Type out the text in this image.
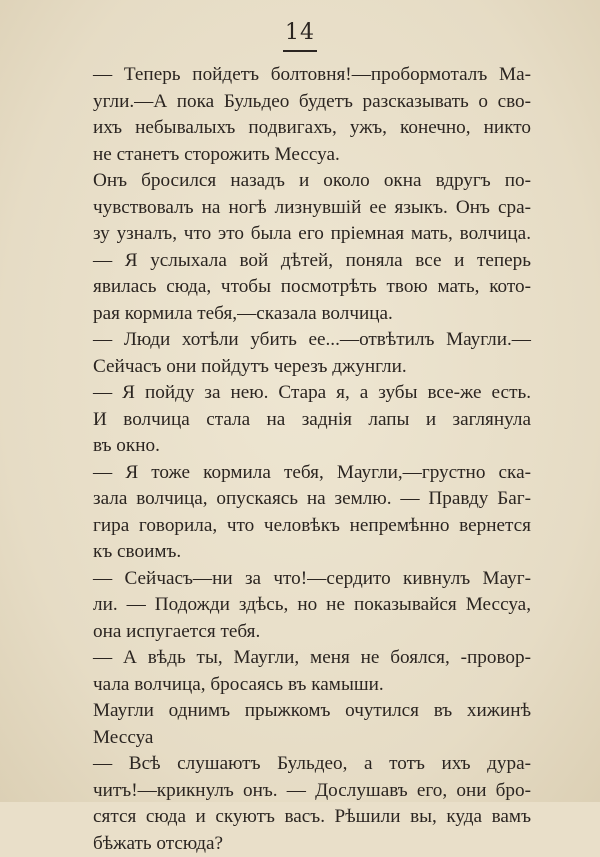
14
— Теперь пойдетъ болтовня!—пробормоталъ Ма-
угли.—А пока Бульдео будетъ разсказывать о сво-
ихъ небывалыхъ подвигахъ, ужъ, конечно, никто
не станетъ сторожить Мессуа.
Онъ бросился назадъ и около окна вдругъ по-
чувствовалъ на ногѣ лизнувшій ее языкъ. Онъ сра-
зу узналъ, что это была его пріемная мать, волчица.
— Я услыхала вой дѣтей, поняла все и теперь
явилась сюда, чтобы посмотрѣть твою мать, кото-
рая кормила тебя,—сказала волчица.
— Люди хотѣли убить ее...—отвѣтилъ Маугли.—
Сейчасъ они пойдутъ черезъ джунгли.
— Я пойду за нею. Стара я, а зубы все-же есть.
И волчица стала на заднія лапы и заглянула
въ окно.
— Я тоже кормила тебя, Маугли,—грустно ска-
зала волчица, опускаясь на землю. — Правду Баг-
гира говорила, что человѣкъ непремѣнно вернется
къ своимъ.
— Сейчасъ—ни за что!—сердито кивнулъ Мауг-
ли. — Подожди здѣсь, но не показывайся Мессуа,
она испугается тебя.
— А вѣдь ты, Маугли, меня не боялся, -провор-
чала волчица, бросаясь въ камыши.
Маугли однимъ прыжкомъ очутился въ хижинѣ
Мессуа
— Всѣ слушаютъ Бульдео, а тотъ ихъ дура-
читъ!—крикнулъ онъ. — Дослушавъ его, они бро-
сятся сюда и скуютъ васъ. Рѣшили вы, куда вамъ
бѣжать отсюда?
